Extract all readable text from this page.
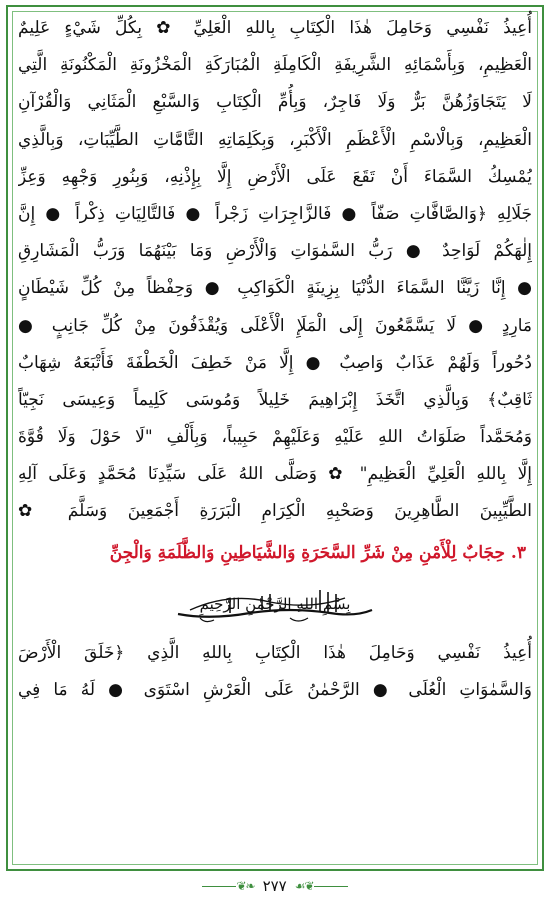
أُعِيذُ نَفْسِي وَحَامِلَ هٰذَا الْكِتَابِ بِاللهِ الْعَلِيِّ ✿ بِكُلِّ شَيْءٍ عَلِيمٌ
الْعَظِيمِ، وَبِأَسْمَائِهِ الشَّرِيفَةِ الْكَامِلَةِ الْمُبَارَكَةِ الْمَخْزُونَةِ الْمَكْنُونَةِ الَّتِي
لَا يَتَجَاوَزُهُنَّ بَرٌّ وَلَا فَاجِرٌ، وَبِأُمِّ الْكِتَابِ وَالسَّبْعِ الْمَثَانِي وَالْقُرْآنِ
الْعَظِيمِ، وَبِالْاسْمِ الْأَعْظَمِ الْأَكْبَرِ، وَبِكَلِمَاتِهِ التَّامَّاتِ الطَّيِّبَاتِ، وَبِالَّذِي
يُمْسِكُ السَّمَاءَ أَنْ تَقَعَ عَلَى الْأَرْضِ إِلَّا بِإِذْنِهِ، وَبِنُورِ وَجْهِهِ وَعِزِّ
جَلَالِهِ ﴿وَالصَّافَّاتِ صَفّاً ● فَالزَّاجِرَاتِ زَجْراً ● فَالتَّالِيَاتِ ذِكْراً ● إِنَّ
إِلٰهَكُمْ لَوَاحِدٌ ● رَبُّ السَّمٰوَاتِ وَالْأَرْضِ وَمَا بَيْنَهُمَا وَرَبُّ الْمَشَارِقِ
● إِنَّا زَيَّنَّا السَّمَاءَ الدُّنْيَا بِزِينَةٍ الْكَوَاكِبِ ● وَحِفْظاً مِنْ كُلِّ شَيْطَانٍ
مَارِدٍ ● لَا يَسَّمَّعُونَ إِلَى الْمَلَإِ الْأَعْلَى وَيُقْذَفُونَ مِنْ كُلِّ جَانِبٍ ●
دُحُوراً وَلَهُمْ عَذَابٌ وَاصِبٌ ● إِلَّا مَنْ خَطِفَ الْخَطْفَةَ فَأَتْبَعَهُ شِهَابٌ
ثَاقِبٌ﴾ وَبِالَّذِي اتَّخَذَ إِبْرَاهِيمَ خَلِيلاً وَمُوسَى كَلِيماً وَعِيسَى نَجِيّاً
وَمُحَمَّداً صَلَوَاتُ اللهِ عَلَيْهِ وَعَلَيْهِمْ حَبِيباً، وَبِأَلْفِ "لَا حَوْلَ وَلَا قُوَّةَ
إِلَّا بِاللهِ الْعَلِيِّ الْعَظِيمِ" ✿ وَصَلَّى اللهُ عَلَى سَيِّدِنَا مُحَمَّدٍ وَعَلَى آلِهِ
الطَّيِّبِينَ الطَّاهِرِينَ وَصَحْبِهِ الْكِرَامِ الْبَرَرَةِ أَجْمَعِينَ وَسَلَّمَ ✿
٣. حِجَابٌ لِلْأَمْنِ مِنْ شَرِّ السَّحَرَةِ وَالشَّيَاطِينِ وَالظَّلَمَةِ وَالْجِنِّ
بِسْمِ اللهِ الرَّحْمٰنِ الرَّحِيمِ
أُعِيذُ نَفْسِي وَحَامِلَ هٰذَا الْكِتَابِ بِاللهِ الَّذِي ﴿خَلَقَ الْأَرْضَ
وَالسَّمٰوَاتِ الْعُلَى ● الرَّحْمٰنُ عَلَى الْعَرْشِ اسْتَوَى ● لَهُ مَا فِي
❦❧ ٢٧٧ ☙❦
